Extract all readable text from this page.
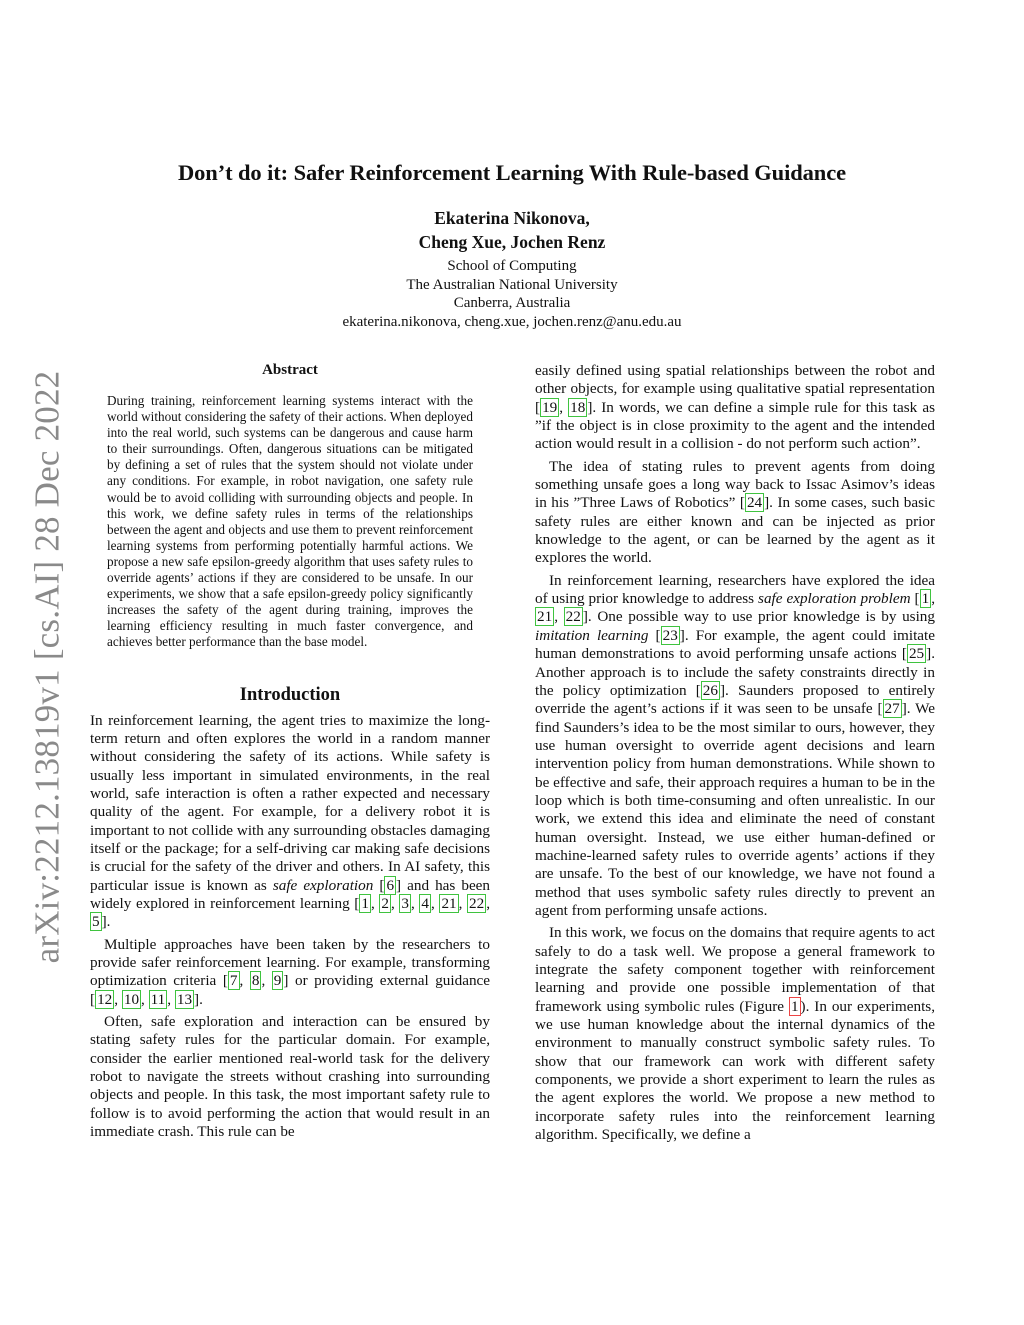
arXiv:2212.13819v1 [cs.AI] 28 Dec 2022
Don’t do it: Safer Reinforcement Learning With Rule-based Guidance
Ekaterina Nikonova,
Cheng Xue, Jochen Renz
School of Computing
The Australian National University
Canberra, Australia
ekaterina.nikonova, cheng.xue, jochen.renz@anu.edu.au
Abstract
During training, reinforcement learning systems interact with the world without considering the safety of their actions. When deployed into the real world, such systems can be dangerous and cause harm to their surroundings. Often, dangerous situations can be mitigated by defining a set of rules that the system should not violate under any conditions. For example, in robot navigation, one safety rule would be to avoid colliding with surrounding objects and people. In this work, we define safety rules in terms of the relationships between the agent and objects and use them to prevent reinforcement learning systems from performing potentially harmful actions. We propose a new safe epsilon-greedy algorithm that uses safety rules to override agents’ actions if they are considered to be unsafe. In our experiments, we show that a safe epsilon-greedy policy significantly increases the safety of the agent during training, improves the learning efficiency resulting in much faster convergence, and achieves better performance than the base model.
Introduction

In reinforcement learning, the agent tries to maximize the long-term return and often explores the world in a random manner without considering the safety of its actions. While safety is usually less important in simulated environments, in the real world, safe interaction is often a rather expected and necessary quality of the agent. For example, for a delivery robot it is important to not collide with any surrounding obstacles damaging itself or the package; for a self-driving car making safe decisions is crucial for the safety of the driver and others. In AI safety, this particular issue is known as safe exploration [ 6 ] and has been widely explored in reinforcement learning [ 1 , 2 , 3 , 4 , 21 , 22 , 5 ].

Multiple approaches have been taken by the researchers to provide safer reinforcement learning. For example, transforming optimization criteria [ 7 , 8 , 9 ] or providing external guidance [ 12 , 10 , 11 , 13 ].

Often, safe exploration and interaction can be ensured by stating safety rules for the particular domain. For example, consider the earlier mentioned real-world task for the delivery robot to navigate the streets without crashing into surrounding objects and people. In this task, the most important safety rule to follow is to avoid performing the action that would result in an immediate crash. This rule can be

easily defined using spatial relationships between the robot and other objects, for example using qualitative spatial representation [ 19 , 18 ]. In words, we can define a simple rule for this task as ”if the object is in close proximity to the agent and the intended action would result in a collision - do not perform such action”.

The idea of stating rules to prevent agents from doing something unsafe goes a long way back to Issac Asimov’s ideas in his ”Three Laws of Robotics” [ 24 ]. In some cases, such basic safety rules are either known and can be injected as prior knowledge to the agent, or can be learned by the agent as it explores the world.

In reinforcement learning, researchers have explored the idea of using prior knowledge to address safe exploration problem [ 1 , 21 , 22 ]. One possible way to use prior knowledge is by using imitation learning [ 23 ]. For example, the agent could imitate human demonstrations to avoid performing unsafe actions [ 25 ]. Another approach is to include the safety constraints directly in the policy optimization [ 26 ]. Saunders proposed to entirely override the agent’s actions if it was seen to be unsafe [ 27 ]. We find Saunders’s idea to be the most similar to ours, however, they use human oversight to override agent decisions and learn intervention policy from human demonstrations. While shown to be effective and safe, their approach requires a human to be in the loop which is both time-consuming and often unrealistic. In our work, we extend this idea and eliminate the need of constant human oversight. Instead, we use either human-defined or machine-learned safety rules to override agents’ actions if they are unsafe. To the best of our knowledge, we have not found a method that uses symbolic safety rules directly to prevent an agent from performing unsafe actions.

In this work, we focus on the domains that require agents to act safely to do a task well. We propose a general framework to integrate the safety component together with reinforcement learning and provide one possible implementation of that framework using symbolic rules (Figure 1 ). In our experiments, we use human knowledge about the internal dynamics of the environment to manually construct symbolic safety rules. To show that our framework can work with different safety components, we provide a short experiment to learn the rules as the agent explores the world. We propose a new method to incorporate safety rules into the reinforcement learning algorithm. Specifically, we define a
